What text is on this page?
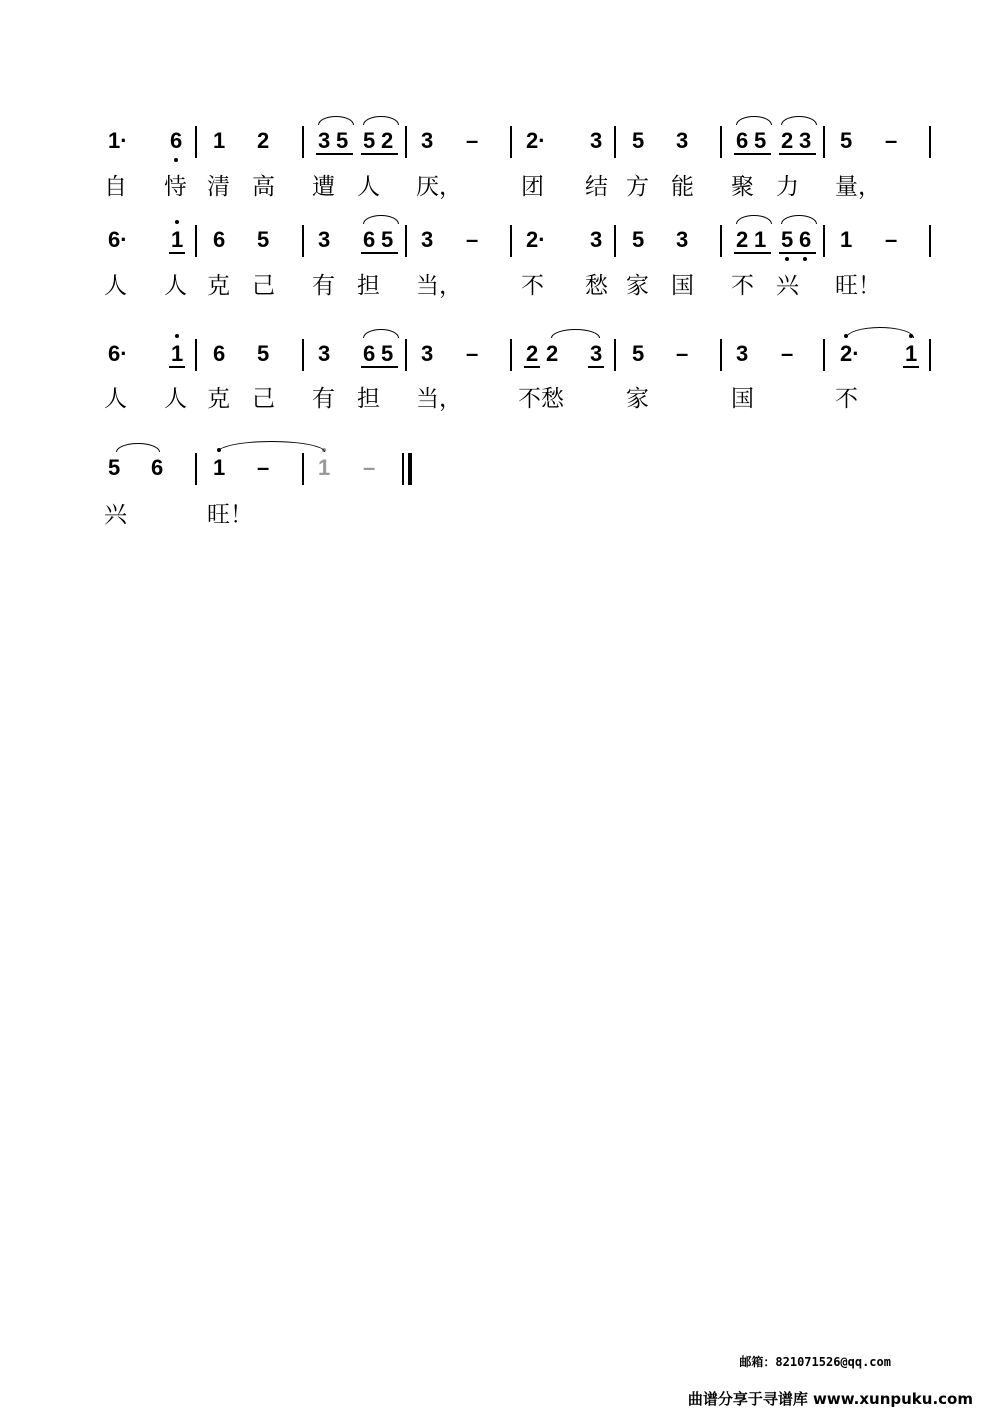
1· 6 1 2 3 5 5 2 3 – 2· 3 5 3 6 5 2 3 5 –
自 恃 清 高 遭 人 厌，	团 结 方 能 聚 力 量，
6· 1 6 5 3 6 5 3 – 2· 3 5 3 2 1 5 6 1 –
人 人 克 己 有 担 当，	不 愁 家 国 不 兴 旺！
6· 1 6 5 3 6 5 3 – 2 2 3 5 – 3 – 2· 1
人 人 克 己 有 担 当， 不愁	家	国	不
5 6 1 – 1 –
兴	旺！
邮箱：821071526@qq.com
曲谱分享于寻谱库 www.xunpuku.com
